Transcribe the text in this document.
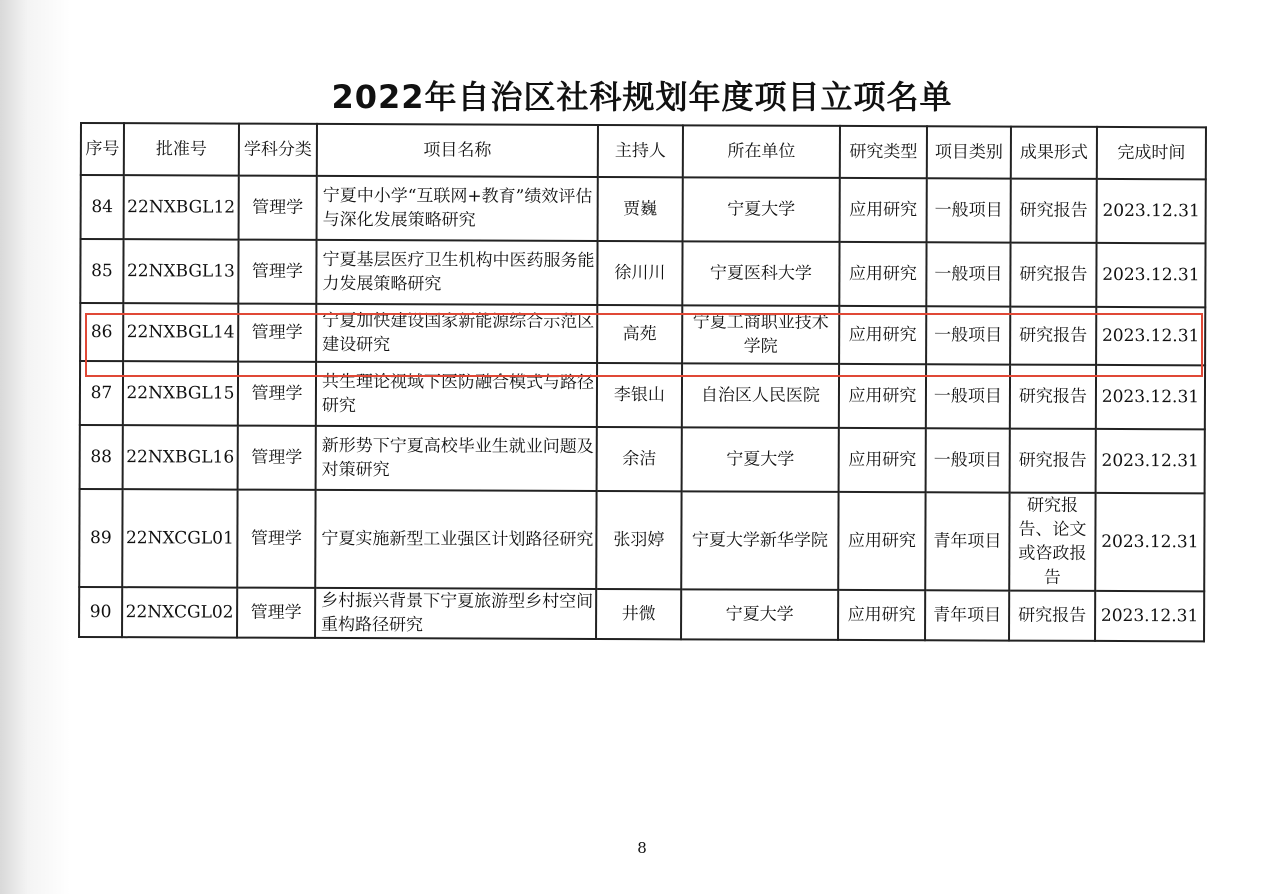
2022年自治区社科规划年度项目立项名单
序号	批准号	学科分类	项目名称	主持人	所在单位	研究类型	项目类别	成果形式	完成时间
84	22NXBGL12	管理学	宁夏中小学“互联网+教育”绩效评估与深化发展策略研究	贾巍	宁夏大学	应用研究	一般项目	研究报告	2023.12.31
85	22NXBGL13	管理学	宁夏基层医疗卫生机构中医药服务能力发展策略研究	徐川川	宁夏医科大学	应用研究	一般项目	研究报告	2023.12.31
86	22NXBGL14	管理学	宁夏加快建设国家新能源综合示范区建设研究	高苑	宁夏工商职业技术学院	应用研究	一般项目	研究报告	2023.12.31
87	22NXBGL15	管理学	共生理论视域下医防融合模式与路径研究	李银山	自治区人民医院	应用研究	一般项目	研究报告	2023.12.31
88	22NXBGL16	管理学	新形势下宁夏高校毕业生就业问题及对策研究	余洁	宁夏大学	应用研究	一般项目	研究报告	2023.12.31
89	22NXCGL01	管理学	宁夏实施新型工业强区计划路径研究	张羽婷	宁夏大学新华学院	应用研究	青年项目	研究报告、论文或咨政报告	2023.12.31
90	22NXCGL02	管理学	乡村振兴背景下宁夏旅游型乡村空间重构路径研究	井微	宁夏大学	应用研究	青年项目	研究报告	2023.12.31
8
